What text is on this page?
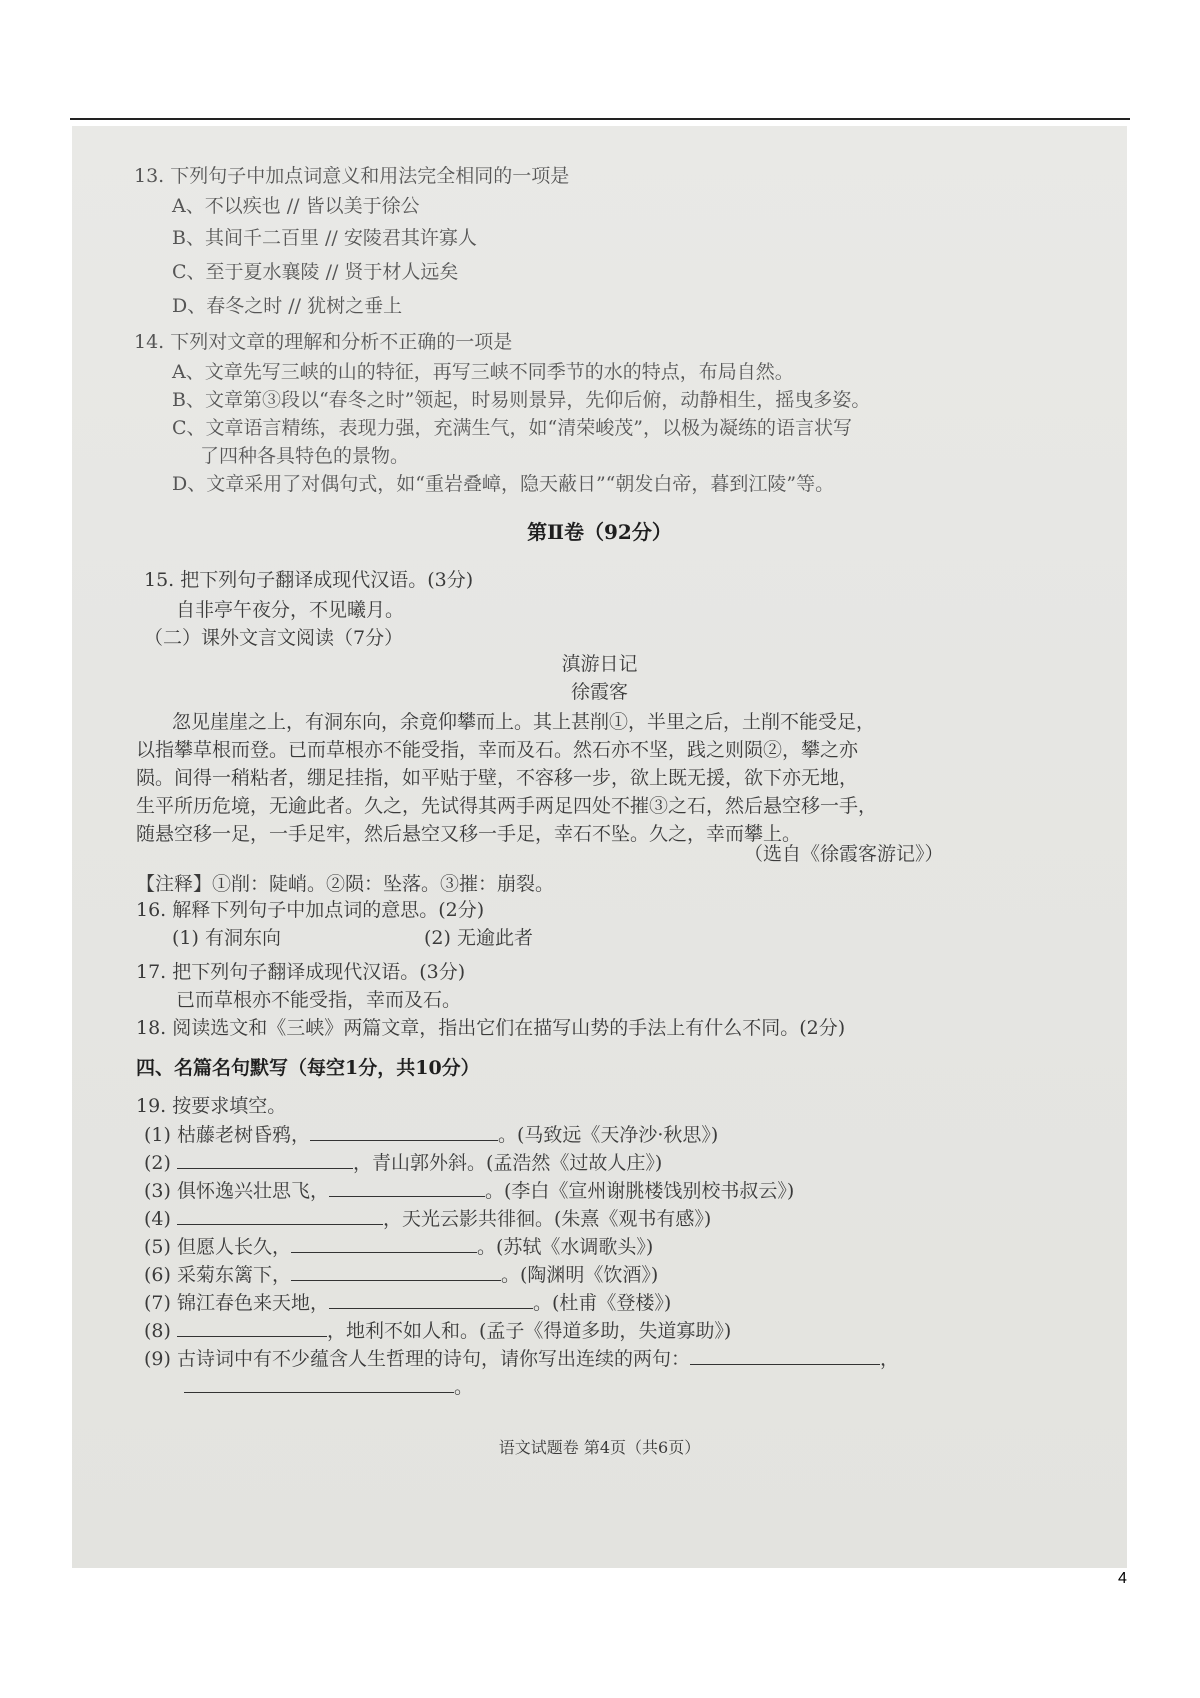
13. 下列句子中加点词意义和用法完全相同的一项是
A、不以疾也 // 皆以美于徐公
B、其间千二百里 // 安陵君其许寡人
C、至于夏水襄陵 // 贤于材人远矣
D、春冬之时 // 犹树之垂上
14. 下列对文章的理解和分析不正确的一项是
A、文章先写三峡的山的特征，再写三峡不同季节的水的特点，布局自然。
B、文章第③段以“春冬之时”领起，时易则景异，先仰后俯，动静相生，摇曳多姿。
C、文章语言精练，表现力强，充满生气，如“清荣峻茂”，以极为凝练的语言状写
了四种各具特色的景物。
D、文章采用了对偶句式，如“重岩叠嶂，隐天蔽日”“朝发白帝，暮到江陵”等。
第Ⅱ卷（92分）
15. 把下列句子翻译成现代汉语。(3分)
自非亭午夜分，不见曦月。
（二）课外文言文阅读（7分）
滇游日记
徐霞客
忽见崖崖之上，有洞东向，余竟仰攀而上。其上甚削①，半里之后，土削不能受足，
以指攀草根而登。已而草根亦不能受指，幸而及石。然石亦不坚，践之则陨②，攀之亦
陨。间得一稍粘者，绷足挂指，如平贴于壁，不容移一步，欲上既无援，欲下亦无地，
生平所历危境，无逾此者。久之，先试得其两手两足四处不摧③之石，然后悬空移一手，
随悬空移一足，一手足牢，然后悬空又移一手足，幸石不坠。久之，幸而攀上。
（选自《徐霞客游记》）
【注释】①削：陡峭。②陨：坠落。③摧：崩裂。
16. 解释下列句子中加点词的意思。(2分)
(1) 有洞东向	(2) 无逾此者
17. 把下列句子翻译成现代汉语。(3分)
已而草根亦不能受指，幸而及石。
18. 阅读选文和《三峡》两篇文章，指出它们在描写山势的手法上有什么不同。(2分)
四、名篇名句默写（每空1分，共10分）
19. 按要求填空。
(1) 枯藤老树昏鸦，	。(马致远《天净沙·秋思》)
(2)	，青山郭外斜。(孟浩然《过故人庄》)
(3) 俱怀逸兴壮思飞，	。(李白《宣州谢朓楼饯别校书叔云》)
(4)	，天光云影共徘徊。(朱熹《观书有感》)
(5) 但愿人长久，	。(苏轼《水调歌头》)
(6) 采菊东篱下，	。(陶渊明《饮酒》)
(7) 锦江春色来天地，	。(杜甫《登楼》)
(8)	，地利不如人和。(孟子《得道多助，失道寡助》)
(9) 古诗词中有不少蕴含人生哲理的诗句，请你写出连续的两句：	，
。
语文试题卷 第4页（共6页）
4
